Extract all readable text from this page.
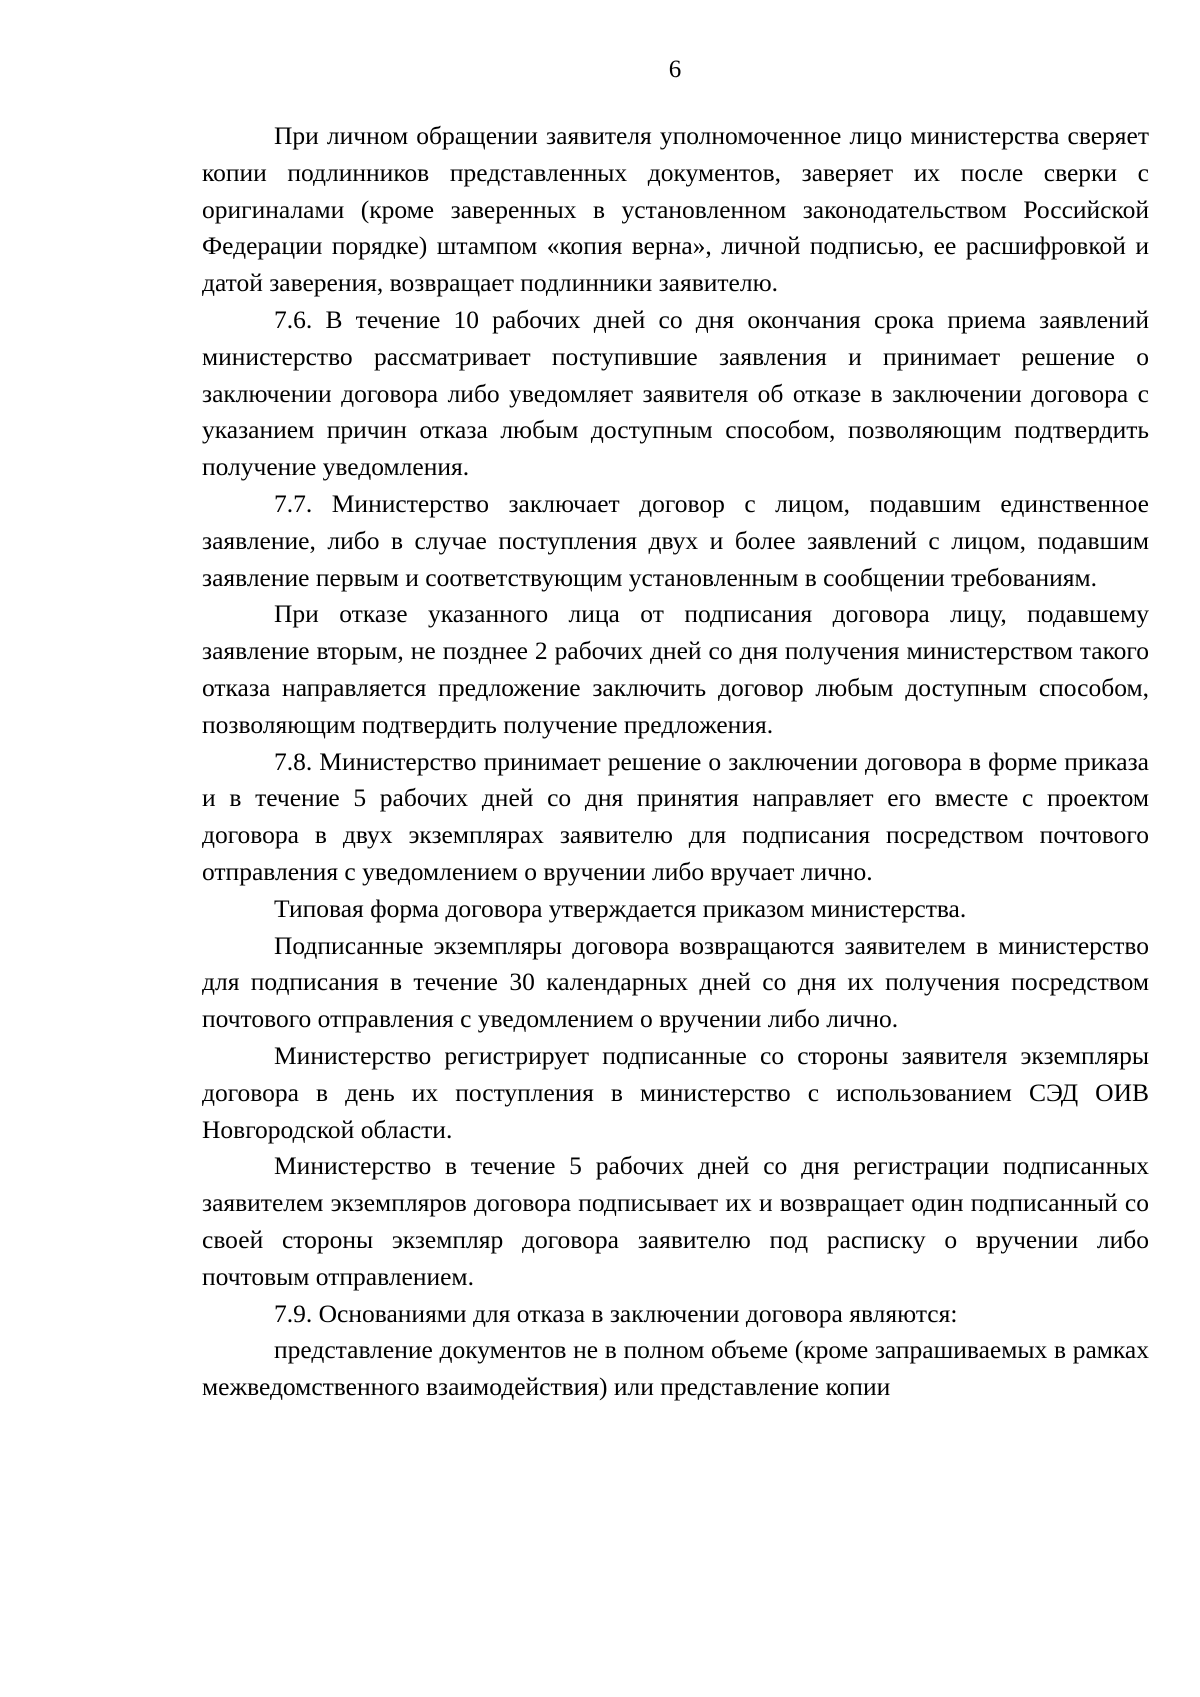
6

При личном обращении заявителя уполномоченное лицо министерства сверяет копии подлинников представленных документов, заверяет их после сверки с оригиналами (кроме заверенных в установленном законодательством Российской Федерации порядке) штампом «копия верна», личной подписью, ее расшифровкой и датой заверения, возвращает подлинники заявителю.

7.6. В течение 10 рабочих дней со дня окончания срока приема заявлений министерство рассматривает поступившие заявления и принимает решение о заключении договора либо уведомляет заявителя об отказе в заключении договора с указанием причин отказа любым доступным способом, позволяющим подтвердить получение уведомления.

7.7. Министерство заключает договор с лицом, подавшим единственное заявление, либо в случае поступления двух и более заявлений с лицом, подавшим заявление первым и соответствующим установленным в сообщении требованиям.

При отказе указанного лица от подписания договора лицу, подавшему заявление вторым, не позднее 2 рабочих дней со дня получения министерством такого отказа направляется предложение заключить договор любым доступным способом, позволяющим подтвердить получение предложения.

7.8. Министерство принимает решение о заключении договора в форме приказа и в течение 5 рабочих дней со дня принятия направляет его вместе с проектом договора в двух экземплярах заявителю для подписания посредством почтового отправления с уведомлением о вручении либо вручает лично.

Типовая форма договора утверждается приказом министерства.

Подписанные экземпляры договора возвращаются заявителем в министерство для подписания в течение 30 календарных дней со дня их получения посредством почтового отправления с уведомлением о вручении либо лично.

Министерство регистрирует подписанные со стороны заявителя экземпляры договора в день их поступления в министерство с использованием СЭД ОИВ Новгородской области.

Министерство в течение 5 рабочих дней со дня регистрации подписанных заявителем экземпляров договора подписывает их и возвращает один подписанный со своей стороны экземпляр договора заявителю под расписку о вручении либо почтовым отправлением.

7.9. Основаниями для отказа в заключении договора являются:

представление документов не в полном объеме (кроме запрашиваемых в рамках межведомственного взаимодействия) или представление копии
